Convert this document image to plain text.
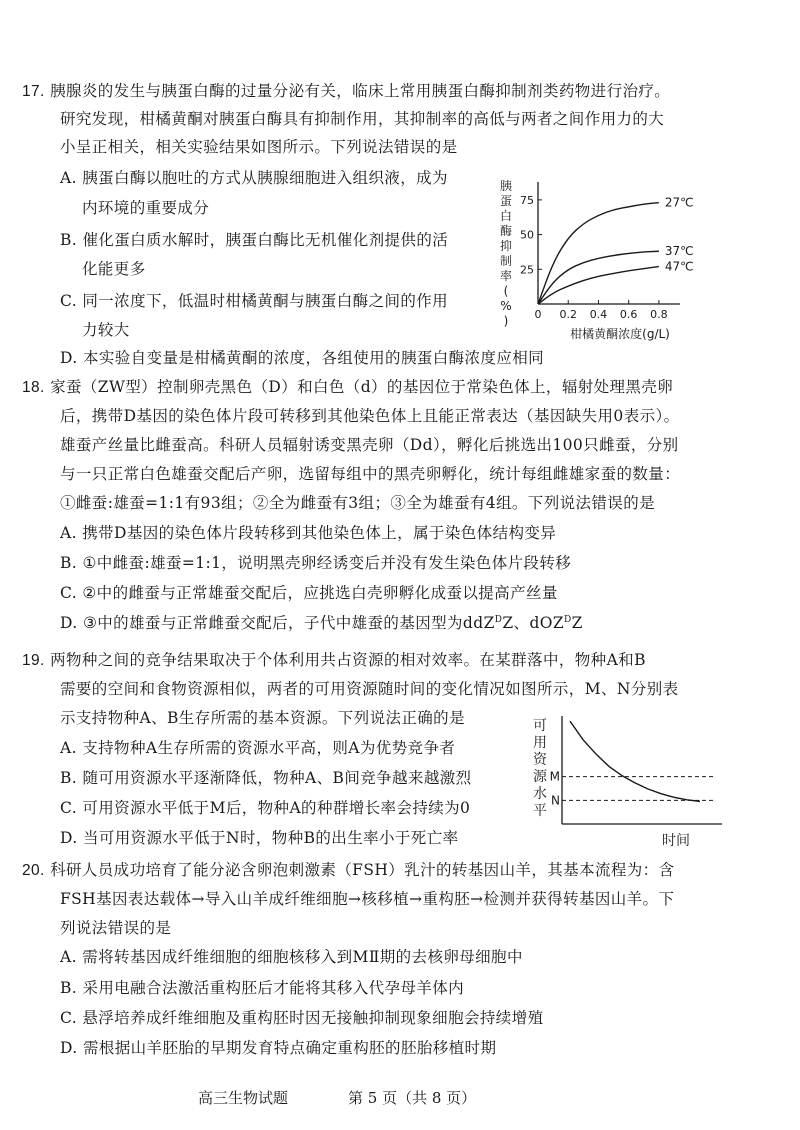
17. 胰腺炎的发生与胰蛋白酶的过量分泌有关，临床上常用胰蛋白酶抑制剂类药物进行治疗。
研究发现，柑橘黄酮对胰蛋白酶具有抑制作用，其抑制率的高低与两者之间作用力的大
小呈正相关，相关实验结果如图所示。下列说法错误的是
A. 胰蛋白酶以胞吐的方式从胰腺细胞进入组织液，成为
内环境的重要成分
B. 催化蛋白质水解时，胰蛋白酶比无机催化剂提供的活
化能更多
C. 同一浓度下，低温时柑橘黄酮与胰蛋白酶之间的作用
力较大
D. 本实验自变量是柑橘黄酮的浓度，各组使用的胰蛋白酶浓度应相同
胰
蛋
白
酶
抑
制
率
(
%
) 0 0.2 0.4 0.6 0.8
25
50
75	27℃
37℃
47℃
柑橘黄酮浓度(g/L)
18. 家蚕（ZW型）控制卵壳黑色（D）和白色（d）的基因位于常染色体上，辐射处理黑壳卵
后，携带D基因的染色体片段可转移到其他染色体上且能正常表达（基因缺失用0表示）。
雄蚕产丝量比雌蚕高。科研人员辐射诱变黑壳卵（Dd），孵化后挑选出100只雌蚕，分别
与一只正常白色雄蚕交配后产卵，选留每组中的黑壳卵孵化，统计每组雌雄家蚕的数量：
①雌蚕:雄蚕=1:1有93组；②全为雌蚕有3组；③全为雄蚕有4组。下列说法错误的是
A. 携带D基因的染色体片段转移到其他染色体上，属于染色体结构变异
B. ①中雌蚕:雄蚕=1:1，说明黑壳卵经诱变后并没有发生染色体片段转移
C. ②中的雌蚕与正常雄蚕交配后，应挑选白壳卵孵化成蚕以提高产丝量
D. ③中的雄蚕与正常雌蚕交配后，子代中雄蚕的基因型为ddZ$^D$Z、dOZ$^D$Z
19. 两物种之间的竞争结果取决于个体利用共占资源的相对效率。在某群落中，物种A和B
需要的空间和食物资源相似，两者的可用资源随时间的变化情况如图所示，M、N分别表
示支持物种A、B生存所需的基本资源。下列说法正确的是
A. 支持物种A生存所需的资源水平高，则A为优势竞争者
B. 随可用资源水平逐渐降低，物种A、B间竞争越来越激烈
C. 可用资源水平低于M后，物种A的种群增长率会持续为0
D. 当可用资源水平低于N时，物种B的出生率小于死亡率
可
用
资
源
水
平
M
N
时间
20. 科研人员成功培育了能分泌含卵泡刺激素（FSH）乳汁的转基因山羊，其基本流程为：含
FSH基因表达载体→导入山羊成纤维细胞→核移植→重构胚→检测并获得转基因山羊。下
列说法错误的是
A. 需将转基因成纤维细胞的细胞核移入到MⅡ期的去核卵母细胞中
B. 采用电融合法激活重构胚后才能将其移入代孕母羊体内
C. 悬浮培养成纤维细胞及重构胚时因无接触抑制现象细胞会持续增殖
D. 需根据山羊胚胎的早期发育特点确定重构胚的胚胎移植时期
高三生物试题	第 5 页（共 8 页）
